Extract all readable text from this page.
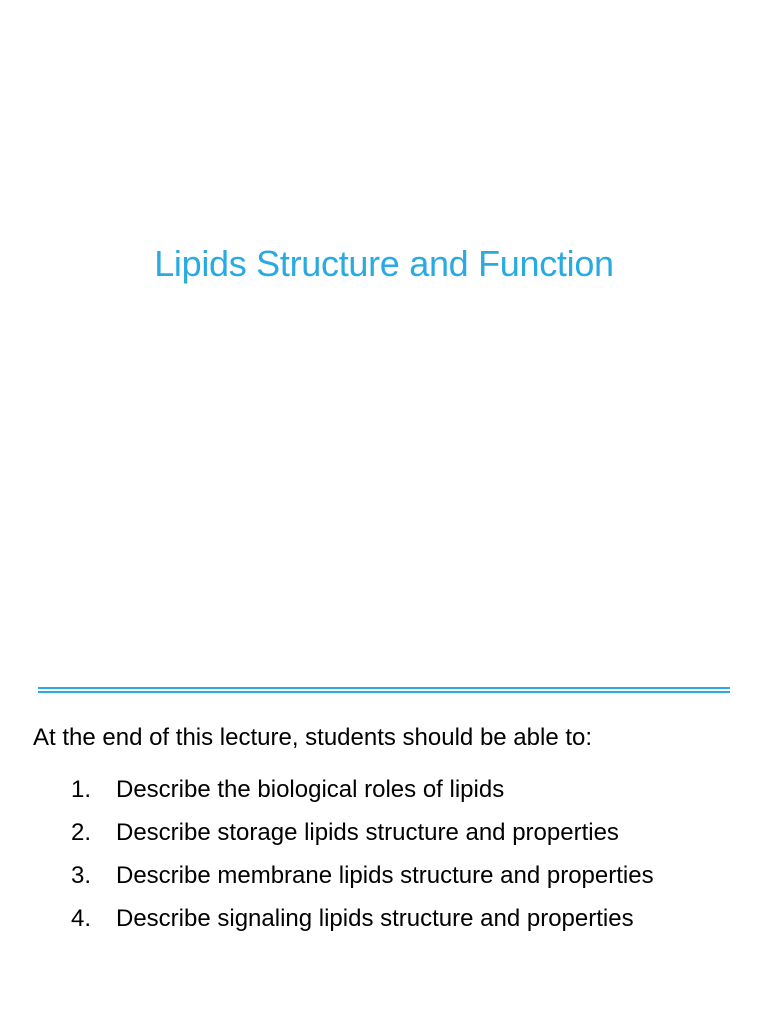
Lipids Structure and Function
At the end of this lecture, students should be able to:
1.	Describe the biological roles of lipids
2.	Describe storage lipids structure and properties
3.	Describe membrane lipids structure and properties
4.	Describe signaling lipids structure and properties
